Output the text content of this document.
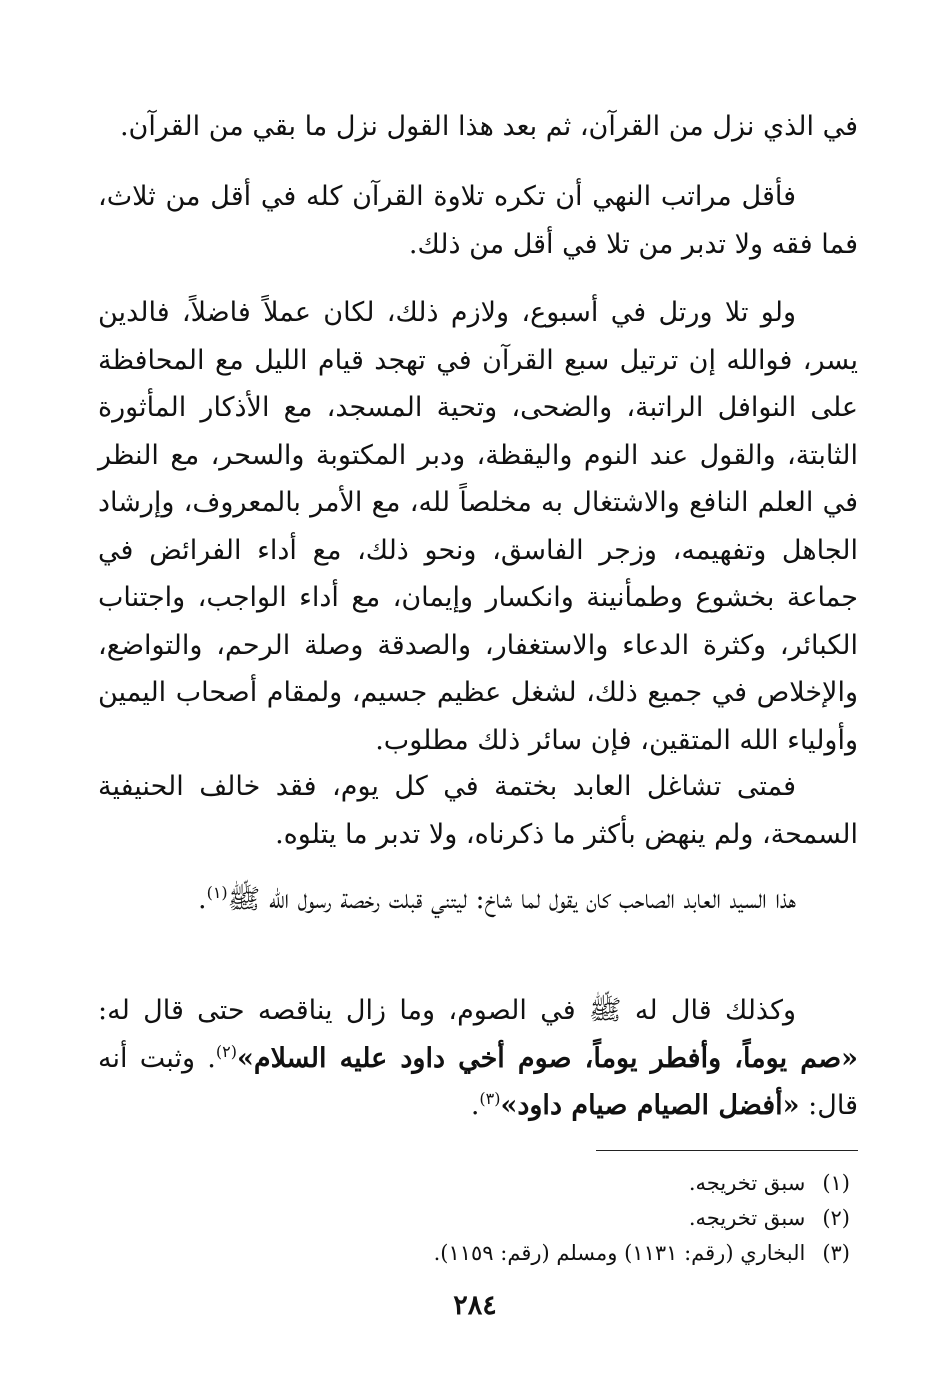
في الذي نزل من القرآن، ثم بعد هذا القول نزل ما بقي من القرآن.

فأقل مراتب النهي أن تكره تلاوة القرآن كله في أقل من ثلاث، فما فقه ولا تدبر من تلا في أقل من ذلك.

ولو تلا ورتل في أسبوع، ولازم ذلك، لكان عملاً فاضلاً، فالدين يسر، فوالله إن ترتيل سبع القرآن في تهجد قيام الليل مع المحافظة على النوافل الراتبة، والضحى، وتحية المسجد، مع الأذكار المأثورة الثابتة، والقول عند النوم واليقظة، ودبر المكتوبة والسحر، مع النظر في العلم النافع والاشتغال به مخلصاً لله، مع الأمر بالمعروف، وإرشاد الجاهل وتفهيمه، وزجر الفاسق، ونحو ذلك، مع أداء الفرائض في جماعة بخشوع وطمأنينة وانكسار وإيمان، مع أداء الواجب، واجتناب الكبائر، وكثرة الدعاء والاستغفار، والصدقة وصلة الرحم، والتواضع، والإخلاص في جميع ذلك، لشغل عظيم جسيم، ولمقام أصحاب اليمين وأولياء الله المتقين، فإن سائر ذلك مطلوب.

فمتى تشاغل العابد بختمة في كل يوم، فقد خالف الحنيفية السمحة، ولم ينهض بأكثر ما ذكرناه، ولا تدبر ما يتلوه.

هذا السيد العابد الصاحب كان يقول لما شاخ: ليتني قبلت رخصة رسول الله ﷺ$^{(١)}$.

وكذلك قال له ﷺ في الصوم، وما زال يناقصه حتى قال له: «صم يوماً، وأفطر يوماً، صوم أخي داود عليه السلام»$^{(٢)}$. وثبت أنه قال: «أفضل الصيام صيام داود»$^{(٣)}$.

(١) سبق تخريجه.
(٢) سبق تخريجه.
(٣) البخاري (رقم: ١١٣١) ومسلم (رقم: ١١٥٩).
٢٨٤
